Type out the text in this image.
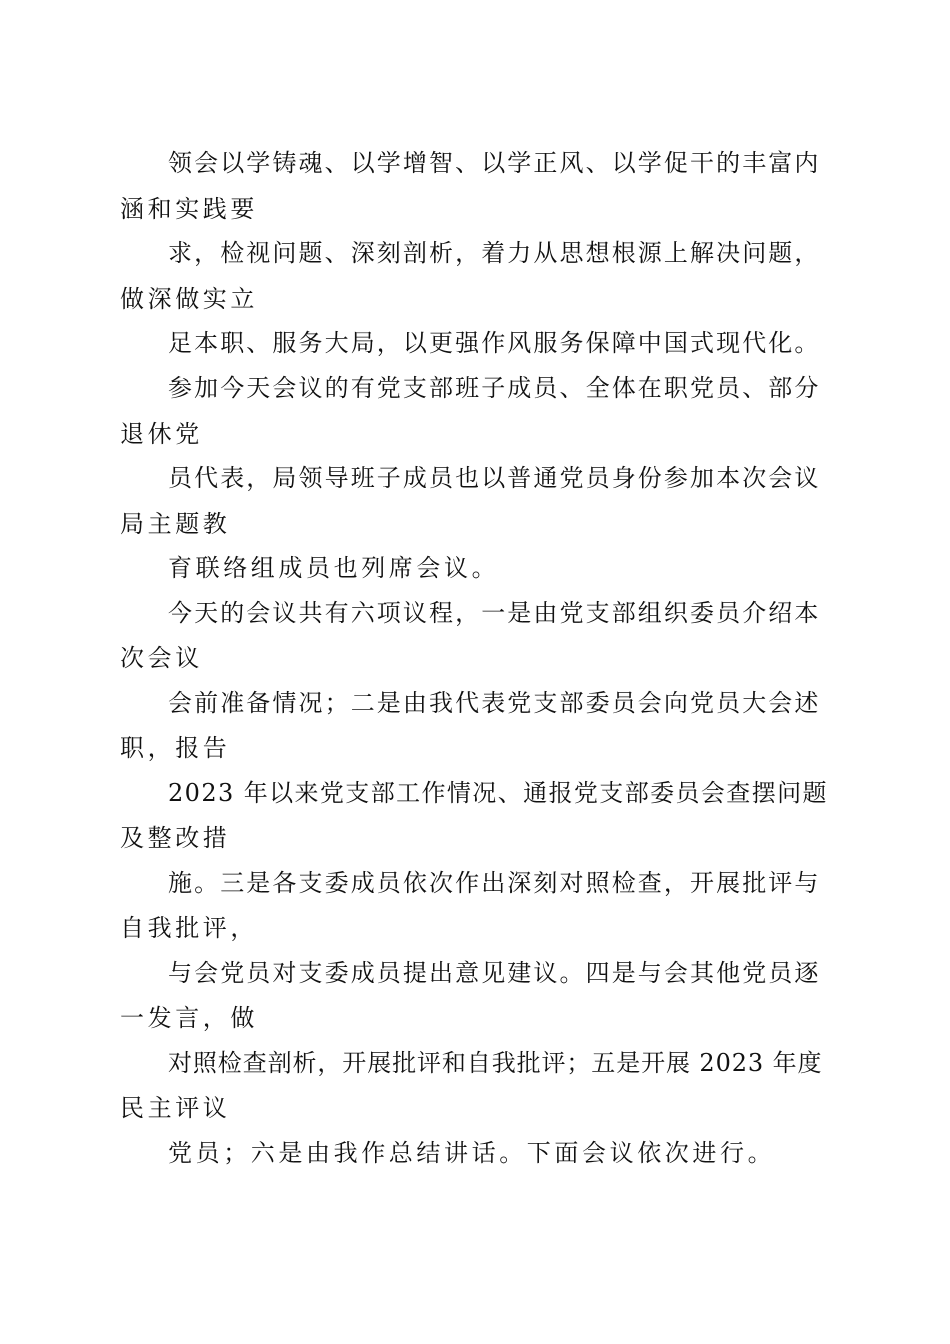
领会以学铸魂、以学增智、以学正风、以学促干的丰富内
涵和实践要
求，检视问题、深刻剖析，着力从思想根源上解决问题，
做深做实立
足本职、服务大局，以更强作风服务保障中国式现代化。
参加今天会议的有党支部班子成员、全体在职党员、部分
退休党
员代表，局领导班子成员也以普通党员身份参加本次会议
局主题教
育联络组成员也列席会议。
今天的会议共有六项议程，一是由党支部组织委员介绍本
次会议
会前准备情况；二是由我代表党支部委员会向党员大会述
职，报告
2023 年以来党支部工作情况、通报党支部委员会查摆问题
及整改措
施。三是各支委成员依次作出深刻对照检查，开展批评与
自我批评，
与会党员对支委成员提出意见建议。四是与会其他党员逐
一发言，做
对照检查剖析，开展批评和自我批评；五是开展 2023 年度
民主评议
党员；六是由我作总结讲话。下面会议依次进行。
